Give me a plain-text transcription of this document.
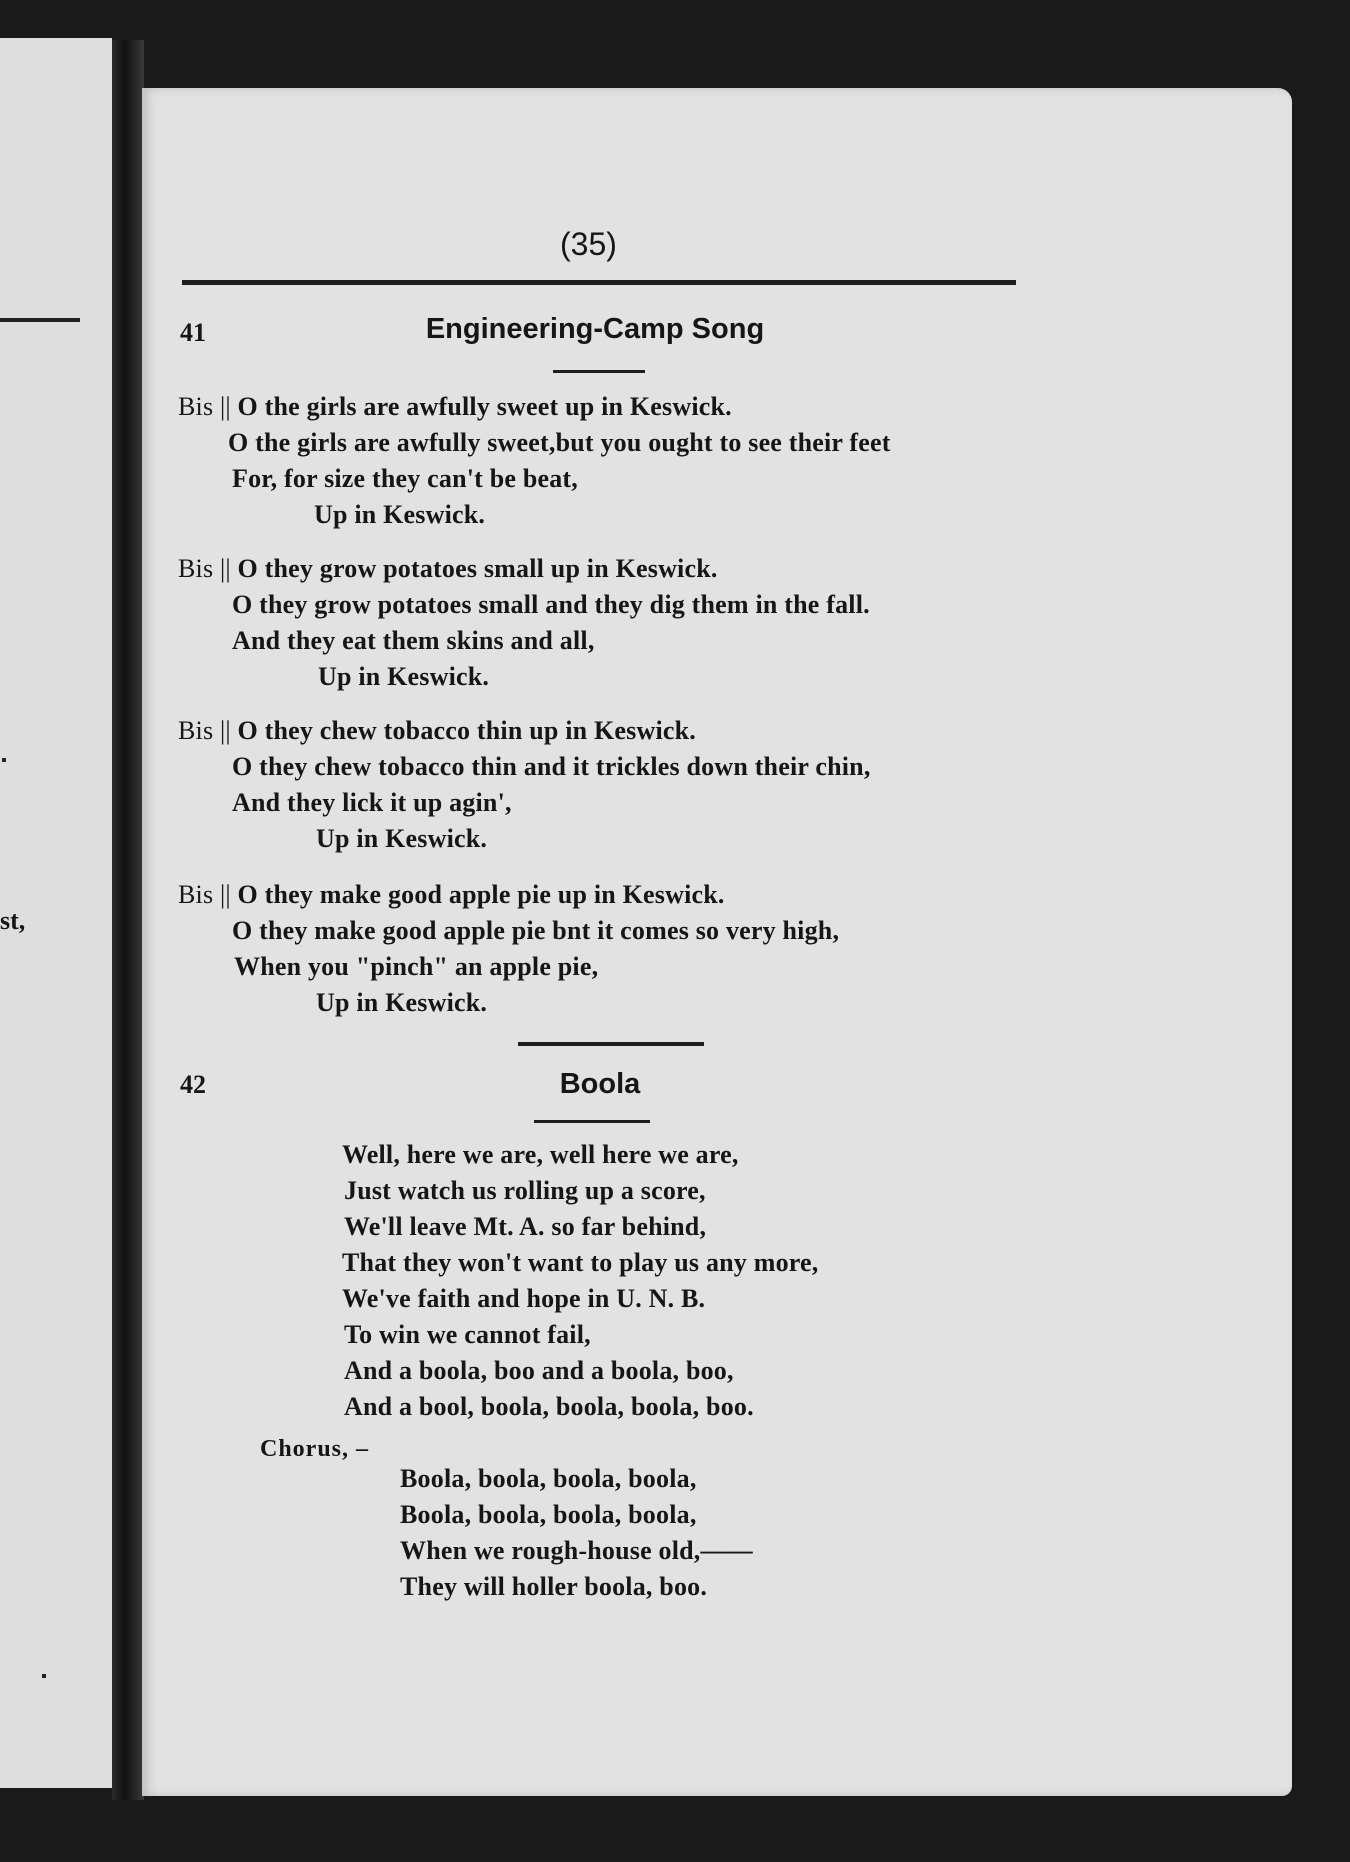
st,
(35)
41	Engineering-Camp Song
Bis || O the girls are awfully sweet up in Keswick.
O the girls are awfully sweet,but you ought to see their feet
For, for size they can't be beat,
Up in Keswick.
Bis || O they grow potatoes small up in Keswick.
O they grow potatoes small and they dig them in the fall.
And they eat them skins and all,
Up in Keswick.
Bis || O they chew tobacco thin up in Keswick.
O they chew tobacco thin and it trickles down their chin,
And they lick it up agin',
Up in Keswick.
Bis || O they make good apple pie up in Keswick.
O they make good apple pie bnt it comes so very high,
When you "pinch" an apple pie,
Up in Keswick.
42	Boola
Well, here we are, well here we are,
Just watch us rolling up a score,
We'll leave Mt. A. so far behind,
That they won't want to play us any more,
We've faith and hope in U. N. B.
To win we cannot fail,
And a boola, boo and a boola, boo,
And a bool, boola, boola, boola, boo.
Chorus, –
Boola, boola, boola, boola,
Boola, boola, boola, boola,
When we rough-house old,——
They will holler boola, boo.
